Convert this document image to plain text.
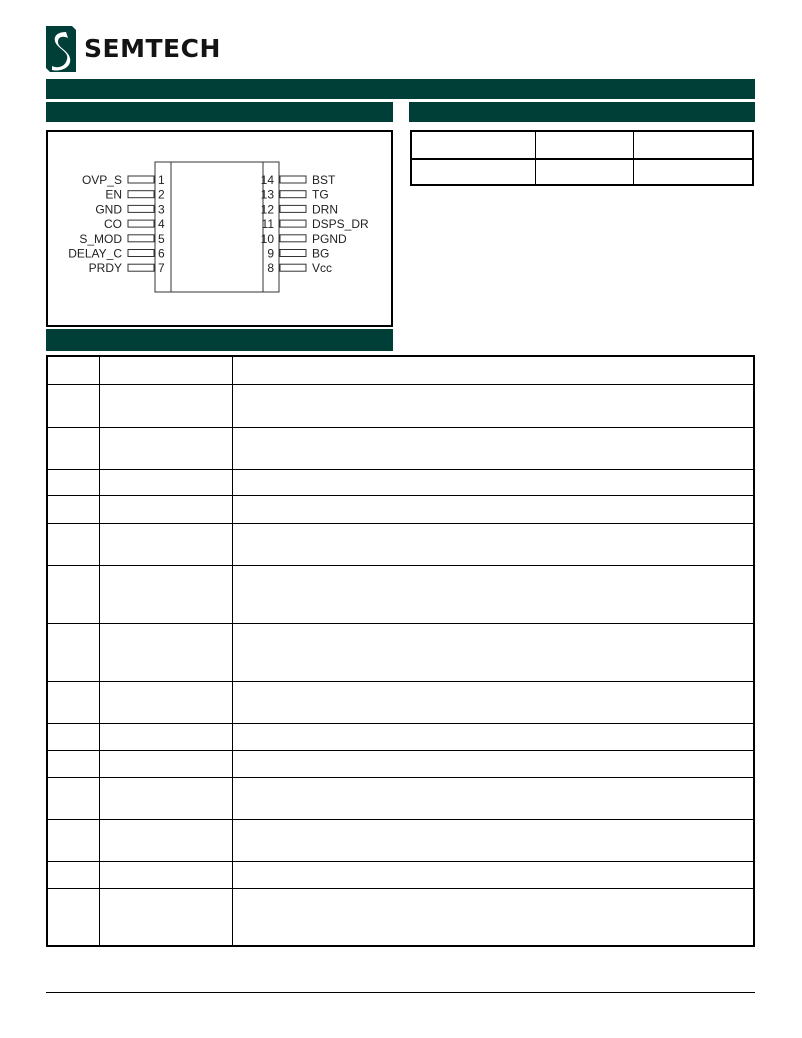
SEMTECH
OVP_S	1
EN	2
GND	3
CO	4
S_MOD	5
DELAY_C	6
PRDY	7
14	BST
13	TG
12	DRN
11	DSPS_DR
10	PGND
9	BG
8	Vcc
